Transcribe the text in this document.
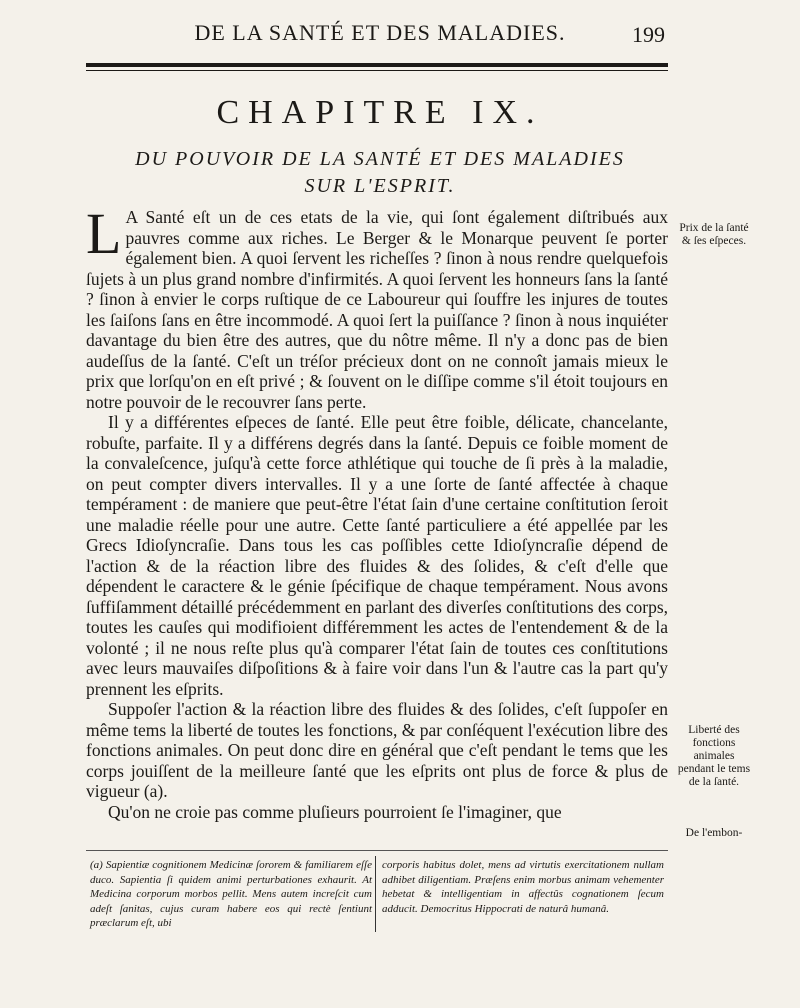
DE LA SANTÉ ET DES MALADIES.	199
CHAPITRE IX.
DU POUVOIR DE LA SANTÉ ET DES MALADIES
SUR L'ESPRIT.

L A Santé eſt un de ces etats de la vie, qui ſont également diſtribués aux pauvres comme aux riches. Le Berger & le Monarque peuvent ſe porter également bien. A quoi ſervent les richeſſes ? ſinon à nous rendre quelquefois ſujets à un plus grand nombre d'infirmités. A quoi ſervent les honneurs ſans la ſanté ? ſinon à envier le corps ruſtique de ce Laboureur qui ſouffre les injures de toutes les ſaiſons ſans en être incommodé. A quoi ſert la puiſſance ? ſinon à nous inquiéter davantage du bien être des autres, que du nôtre même. Il n'y a donc pas de bien audeſſus de la ſanté. C'eſt un tréſor précieux dont on ne connoît jamais mieux le prix que lorſqu'on en eſt privé ; & ſouvent on le diſſipe comme s'il étoit toujours en notre pouvoir de le recouvrer ſans perte.

Il y a différentes eſpeces de ſanté. Elle peut être foible, délicate, chancelante, robuſte, parfaite. Il y a différens degrés dans la ſanté. Depuis ce foible moment de la convaleſcence, juſqu'à cette force athlétique qui touche de ſi près à la maladie, on peut compter divers intervalles. Il y a une ſorte de ſanté affectée à chaque tempérament : de maniere que peut-être l'état ſain d'une certaine conſtitution ſeroit une maladie réelle pour une autre. Cette ſanté particuliere a été appellée par les Grecs Idioſyncraſie. Dans tous les cas poſſibles cette Idioſyncraſie dépend de l'action & de la réaction libre des fluides & des ſolides, & c'eſt d'elle que dépendent le caractere & le génie ſpécifique de chaque tempérament. Nous avons ſuffiſamment détaillé précédemment en parlant des diverſes conſtitutions des corps, toutes les cauſes qui modifioient différemment les actes de l'entendement & de la volonté ; il ne nous reſte plus qu'à comparer l'état ſain de toutes ces conſtitutions avec leurs mauvaiſes diſpoſitions & à faire voir dans l'un & l'autre cas la part qu'y prennent les eſprits.

Suppoſer l'action & la réaction libre des fluides & des ſolides, c'eſt ſuppoſer en même tems la liberté de toutes les fonctions, & par conſéquent l'exécution libre des fonctions animales. On peut donc dire en général que c'eſt pendant le tems que les corps jouiſſent de la meilleure ſanté que les eſprits ont plus de force & plus de vigueur (a).

Qu'on ne croie pas comme pluſieurs pourroient ſe l'imaginer, que

Prix de la ſanté & ſes eſpeces.
Liberté des fonctions animales pendant le tems de la ſanté.
De l'embon-
(a) Sapientiæ cognitionem Medicinæ ſororem & familiarem eſſe duco. Sapientia ſi quidem animi perturbationes exhaurit. At Medicina corporum morbos pellit. Mens autem increſcit cum adeſt ſanitas, cujus curam habere eos qui rectè ſentiunt præclarum eſt, ubi
corporis habitus dolet, mens ad virtutis exercitationem nullam adhibet diligentiam. Præſens enim morbus animam vehementer hebetat & intelligentiam in affectûs cognationem ſecum adducit. Democritus Hippocrati de naturâ humanâ.
